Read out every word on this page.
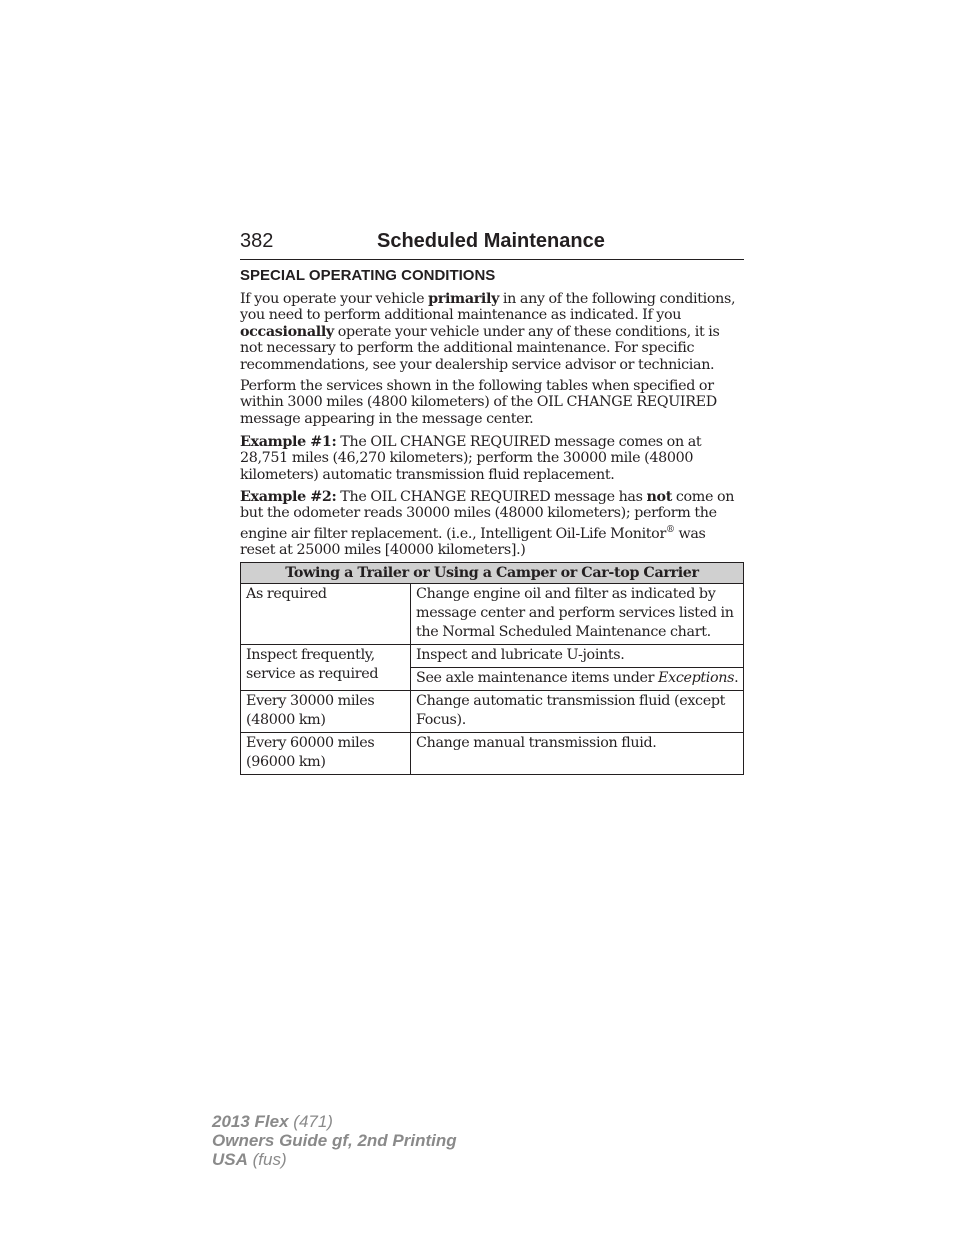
382	Scheduled Maintenance
SPECIAL OPERATING CONDITIONS

If you operate your vehicle primarily in any of the following conditions, you need to perform additional maintenance as indicated. If you occasionally operate your vehicle under any of these conditions, it is not necessary to perform the additional maintenance. For specific recommendations, see your dealership service advisor or technician.

Perform the services shown in the following tables when specified or within 3000 miles (4800 kilometers) of the OIL CHANGE REQUIRED message appearing in the message center.

Example #1: The OIL CHANGE REQUIRED message comes on at 28,751 miles (46,270 kilometers); perform the 30000 mile (48000 kilometers) automatic transmission fluid replacement.

Example #2: The OIL CHANGE REQUIRED message has not come on but the odometer reads 30000 miles (48000 kilometers); perform the engine air filter replacement. (i.e., Intelligent Oil-Life Monitor® was reset at 25000 miles [40000 kilometers].)

Towing a Trailer or Using a Camper or Car-top Carrier	
As required	Change engine oil and filter as indicated by message center and perform services listed in the Normal Scheduled Maintenance chart.
Inspect frequently, service as required	Inspect and lubricate U-joints.
	See axle maintenance items under Exceptions.
Every 30000 miles (48000 km)	Change automatic transmission fluid (except Focus).
Every 60000 miles (96000 km)	Change manual transmission fluid.
2013 Flex (471)
Owners Guide gf, 2nd Printing
USA (fus)
